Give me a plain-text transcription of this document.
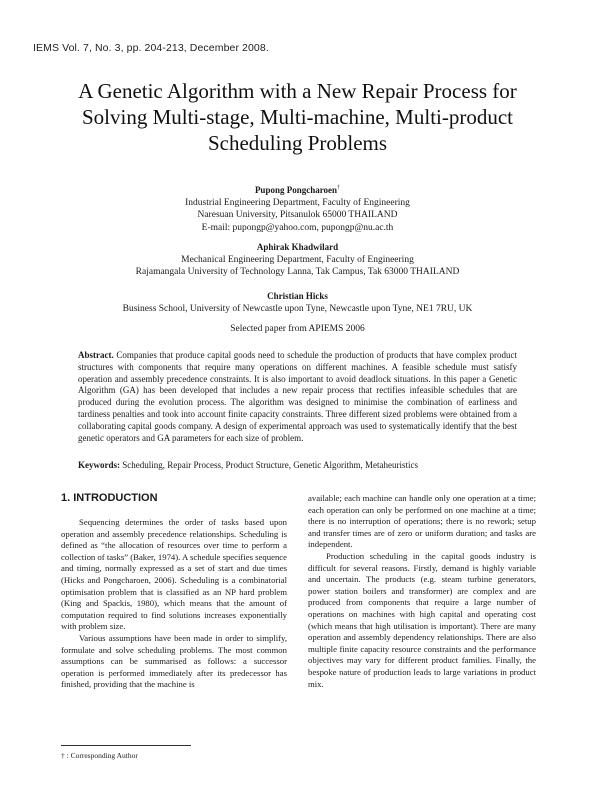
IEMS Vol. 7, No. 3, pp. 204-213, December 2008.
A Genetic Algorithm with a New Repair Process for
Solving Multi-stage, Multi-machine, Multi-product
Scheduling Problems
Pupong Pongcharoen†
Industrial Engineering Department, Faculty of Engineering
Naresuan University, Pitsanulok 65000 THAILAND
E-mail: pupongp@yahoo.com, pupongp@nu.ac.th
Aphirak Khadwilard
Mechanical Engineering Department, Faculty of Engineering
Rajamangala University of Technology Lanna, Tak Campus, Tak 63000 THAILAND
Christian Hicks
Business School, University of Newcastle upon Tyne, Newcastle upon Tyne, NE1 7RU, UK
Selected paper from APIEMS 2006

Abstract. Companies that produce capital goods need to schedule the production of products that have complex product structures with components that require many operations on different machines. A feasible schedule must satisfy operation and assembly precedence constraints. It is also important to avoid deadlock situations. In this paper a Genetic Algorithm (GA) has been developed that includes a new repair process that rectifies infeasible schedules that are produced during the evolution process. The algorithm was designed to minimise the combination of earliness and tardiness penalties and took into account finite capacity constraints. Three different sized problems were obtained from a collaborating capital goods company. A design of experimental approach was used to systematically identify that the best genetic operators and GA parameters for each size of problem.

Keywords: Scheduling, Repair Process, Product Structure, Genetic Algorithm, Metaheuristics

1. INTRODUCTION

Sequencing determines the order of tasks based upon operation and assembly precedence relationships. Scheduling is defined as “the allocation of resources over time to perform a collection of tasks” (Baker, 1974). A schedule specifies sequence and timing, normally expressed as a set of start and due times (Hicks and Pongcharoen, 2006). Scheduling is a combinatorial optimisation problem that is classified as an NP hard problem (King and Spackis, 1980), which means that the amount of computation required to find solutions increases exponentially with problem size.

Various assumptions have been made in order to simplify, formulate and solve scheduling problems. The most common assumptions can be summarised as follows: a successor operation is performed immediately after its predecessor has finished, providing that the machine is

available; each machine can handle only one operation at a time; each operation can only be performed on one machine at a time; there is no interruption of operations; there is no rework; setup and transfer times are of zero or uniform duration; and tasks are independent.

Production scheduling in the capital goods industry is difficult for several reasons. Firstly, demand is highly variable and uncertain. The products (e.g. steam turbine generators, power station boilers and transformer) are complex and are produced from components that require a large number of operations on machines with high capital and operating cost (which means that high utilisation is important). There are many operation and assembly dependency relationships. There are also multiple finite capacity resource constraints and the performance objectives may vary for different product families. Finally, the bespoke nature of production leads to large variations in product mix.

† : Corresponding Author
